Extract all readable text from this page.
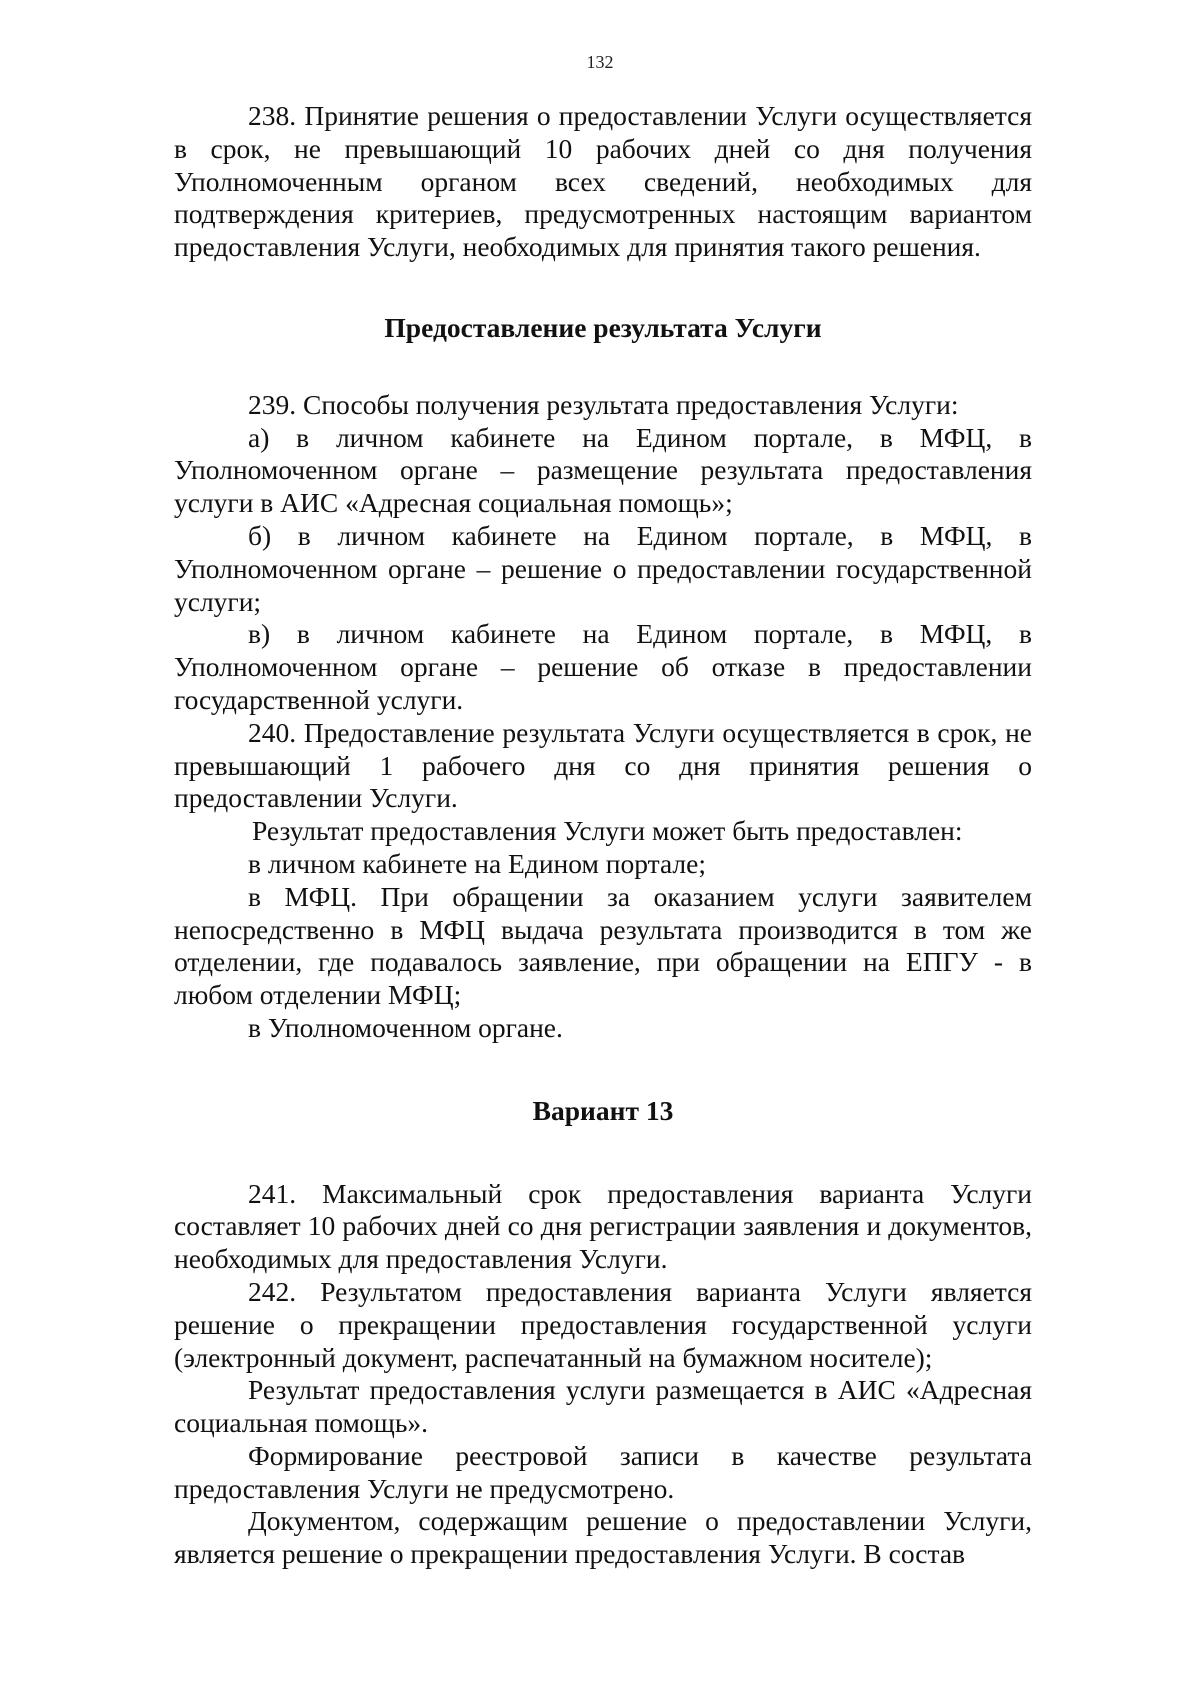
132

238. Принятие решения о предоставлении Услуги осуществляется в срок, не превышающий 10 рабочих дней со дня получения Уполномоченным органом всех сведений, необходимых для подтверждения критериев, предусмотренных настоящим вариантом предоставления Услуги, необходимых для принятия такого решения.

Предоставление результата Услуги

239. Способы получения результата предоставления Услуги:

а) в личном кабинете на Едином портале, в МФЦ, в Уполномоченном органе – размещение результата предоставления услуги в АИС «Адресная социальная помощь»;

б) в личном кабинете на Едином портале, в МФЦ, в Уполномоченном органе – решение о предоставлении государственной услуги;

в) в личном кабинете на Едином портале, в МФЦ, в Уполномоченном органе – решение об отказе в предоставлении государственной услуги.

240. Предоставление результата Услуги осуществляется в срок, не превышающий 1 рабочего дня со дня принятия решения о предоставлении Услуги.

Результат предоставления Услуги может быть предоставлен:

в личном кабинете на Едином портале;

в МФЦ. При обращении за оказанием услуги заявителем непосредственно в МФЦ выдача результата производится в том же отделении, где подавалось заявление, при обращении на ЕПГУ - в любом отделении МФЦ;

в Уполномоченном органе.

Вариант 13

241. Максимальный срок предоставления варианта Услуги составляет 10 рабочих дней со дня регистрации заявления и документов, необходимых для предоставления Услуги.

242. Результатом предоставления варианта Услуги является решение о прекращении предоставления государственной услуги (электронный документ, распечатанный на бумажном носителе);

Результат предоставления услуги размещается в АИС «Адресная социальная помощь».

Формирование реестровой записи в качестве результата предоставления Услуги не предусмотрено.

Документом, содержащим решение о предоставлении Услуги, является решение о прекращении предоставления Услуги. В состав
